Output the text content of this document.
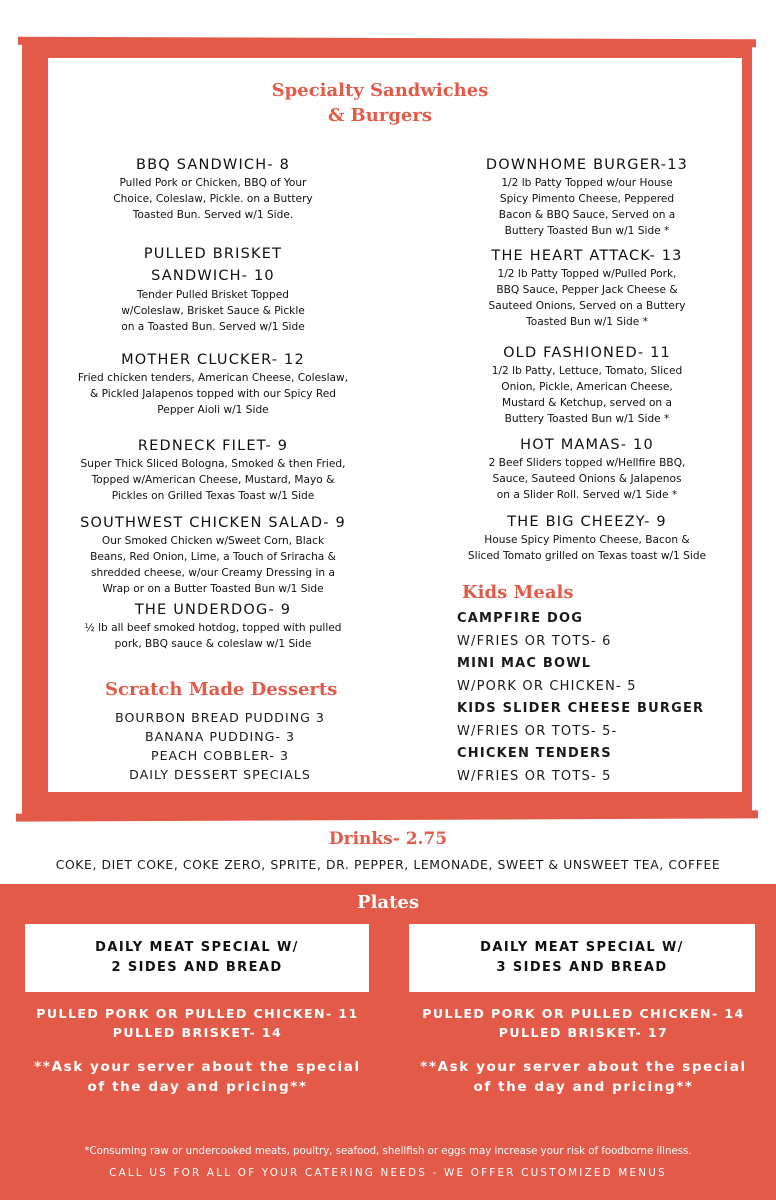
Specialty Sandwiches
& Burgers
BBQ SANDWICH- 8
Pulled Pork or Chicken, BBQ of Your
Choice, Coleslaw, Pickle. on a Buttery
Toasted Bun. Served w/1 Side.
PULLED BRISKET
SANDWICH- 10
Tender Pulled Brisket Topped
w/Coleslaw, Brisket Sauce & Pickle
on a Toasted Bun. Served w/1 Side
MOTHER CLUCKER- 12
Fried chicken tenders, American Cheese, Coleslaw,
& Pickled Jalapenos topped with our Spicy Red
Pepper Aioli w/1 Side
REDNECK FILET- 9
Super Thick Sliced Bologna, Smoked & then Fried,
Topped w/American Cheese, Mustard, Mayo &
Pickles on Grilled Texas Toast w/1 Side
SOUTHWEST CHICKEN SALAD- 9
Our Smoked Chicken w/Sweet Corn, Black
Beans, Red Onion, Lime, a Touch of Sriracha &
shredded cheese, w/our Creamy Dressing in a
Wrap or on a Butter Toasted Bun w/1 Side
THE UNDERDOG- 9
½ lb all beef smoked hotdog, topped with pulled
pork, BBQ sauce & coleslaw w/1 Side
DOWNHOME BURGER-13
1/2 lb Patty Topped w/our House
Spicy Pimento Cheese, Peppered
Bacon & BBQ Sauce, Served on a
Buttery Toasted Bun w/1 Side *
THE HEART ATTACK- 13
1/2 lb Patty Topped w/Pulled Pork,
BBQ Sauce, Pepper Jack Cheese &
Sauteed Onions, Served on a Buttery
Toasted Bun w/1 Side *
OLD FASHIONED- 11
1/2 lb Patty, Lettuce, Tomato, Sliced
Onion, Pickle, American Cheese,
Mustard & Ketchup, served on a
Buttery Toasted Bun w/1 Side *
HOT MAMAS- 10
2 Beef Sliders topped w/Hellfire BBQ,
Sauce, Sauteed Onions & Jalapenos
on a Slider Roll. Served w/1 Side *
THE BIG CHEEZY- 9
House Spicy Pimento Cheese, Bacon &
Sliced Tomato grilled on Texas toast w/1 Side
Scratch Made Desserts
BOURBON BREAD PUDDING 3
BANANA PUDDING- 3
PEACH COBBLER- 3
DAILY DESSERT SPECIALS
Kids Meals
CAMPFIRE DOG
W/FRIES OR TOTS- 6
MINI MAC BOWL
W/PORK OR CHICKEN- 5
KIDS SLIDER CHEESE BURGER
W/FRIES OR TOTS- 5-
CHICKEN TENDERS
W/FRIES OR TOTS- 5
Drinks- 2.75
COKE, DIET COKE, COKE ZERO, SPRITE, DR. PEPPER, LEMONADE, SWEET & UNSWEET TEA, COFFEE
Plates
DAILY MEAT SPECIAL W/
2 SIDES AND BREAD
DAILY MEAT SPECIAL W/
3 SIDES AND BREAD
PULLED PORK OR PULLED CHICKEN- 11
PULLED BRISKET- 14
PULLED PORK OR PULLED CHICKEN- 14
PULLED BRISKET- 17
**Ask your server about the special
of the day and pricing**
**Ask your server about the special
of the day and pricing**
*Consuming raw or undercooked meats, poultry, seafood, shellfish or eggs may increase your risk of foodborne illness.
CALL US FOR ALL OF YOUR CATERING NEEDS - WE OFFER CUSTOMIZED MENUS
